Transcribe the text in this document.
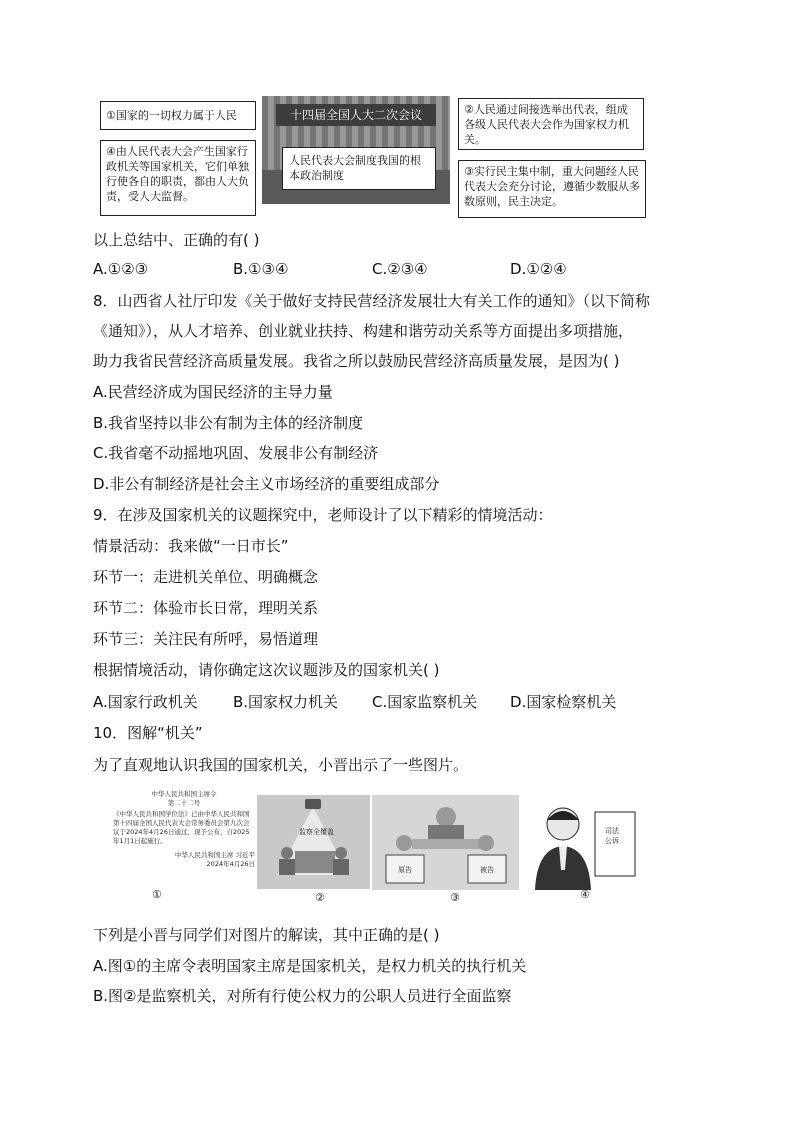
十四届全国人大二次会议
①国家的一切权力属于人民
④由人民代表大会产生国家行政机关等国家机关，它们单独行使各自的职责，都由人大负责，受人大监督。
②人民通过间接选举出代表，组成各级人民代表大会作为国家权力机关。
③实行民主集中制，重大问题经人民代表大会充分讨论，遵循少数服从多数原则，民主决定。
人民代表大会制度我国的根本政治制度
以上总结中、正确的有( )
A.①②③	B.①③④	C.②③④	D.①②④
8．山西省人社厅印发《关于做好支持民营经济发展壮大有关工作的通知》（以下简称
《通知》），从人才培养、创业就业扶持、构建和谐劳动关系等方面提出多项措施，
助力我省民营经济高质量发展。我省之所以鼓励民营经济高质量发展，是因为( )
A.民营经济成为国民经济的主导力量
B.我省坚持以非公有制为主体的经济制度
C.我省毫不动摇地巩固、发展非公有制经济
D.非公有制经济是社会主义市场经济的重要组成部分
9．在涉及国家机关的议题探究中，老师设计了以下精彩的情境活动：
情景活动：我来做“一日市长”
环节一：走进机关单位、明确概念
环节二：体验市长日常，理明关系
环节三：关注民有所呼，易悟道理
根据情境活动，请你确定这次议题涉及的国家机关( )
A.国家行政机关 B.国家权力机关 C.国家监察机关 D.国家检察机关
10．图解“机关”
为了直观地认识我国的国家机关，小晋出示了一些图片。
中华人民共和国主席令
第二十二号
《中华人民共和国学位法》已由中华人民共和国第十四届全国人民代表大会常务委员会第九次会议于2024年4月26日通过，现予公布，自2025年1月1日起施行。
中华人民共和国主席 习近平
2024年4月26日
①
监察全覆盖
②
原告	被告
③
司法
公诉
④
下列是小晋与同学们对图片的解读，其中正确的是( )
A.图①的主席令表明国家主席是国家机关，是权力机关的执行机关
B.图②是监察机关，对所有行使公权力的公职人员进行全面监察
